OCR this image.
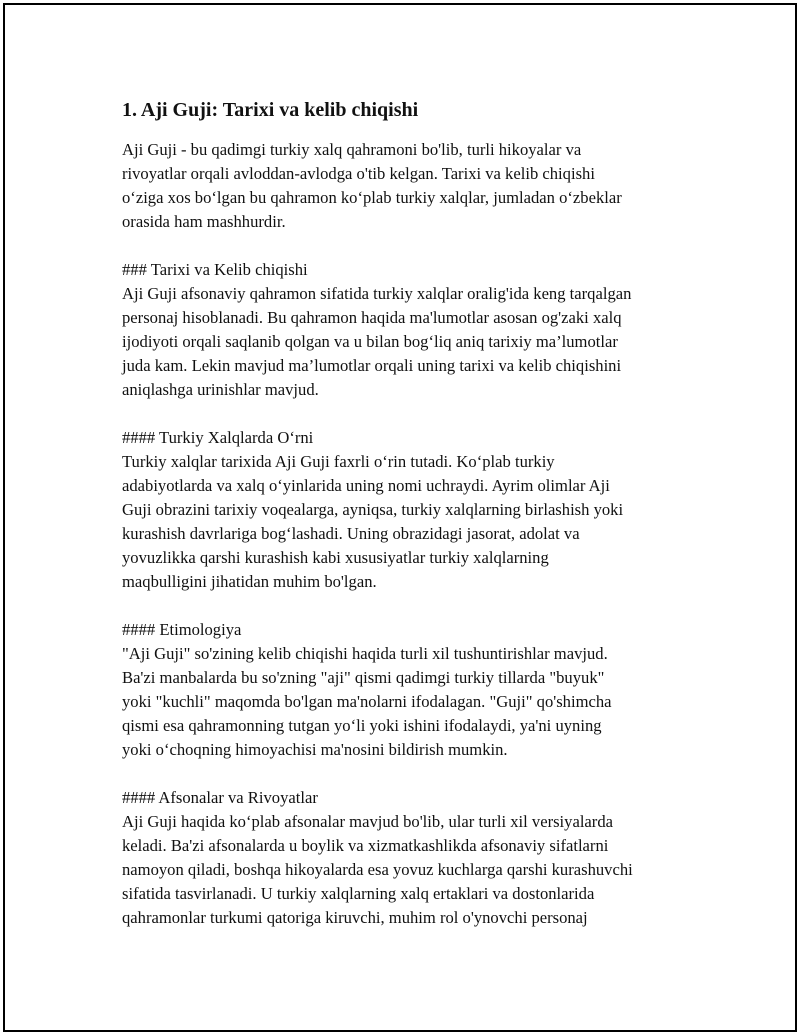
1. Aji Guji: Tarixi va kelib chiqishi
Aji Guji - bu qadimgi turkiy xalq qahramoni bo'lib, turli hikoyalar va
rivoyatlar orqali avloddan-avlodga o'tib kelgan. Tarixi va kelib chiqishi
o‘ziga xos bo‘lgan bu qahramon ko‘plab turkiy xalqlar, jumladan o‘zbeklar
orasida ham mashhurdir.
### Tarixi va Kelib chiqishi
Aji Guji afsonaviy qahramon sifatida turkiy xalqlar oralig'ida keng tarqalgan
personaj hisoblanadi. Bu qahramon haqida ma'lumotlar asosan og'zaki xalq
ijodiyoti orqali saqlanib qolgan va u bilan bog‘liq aniq tarixiy ma’lumotlar
juda kam. Lekin mavjud ma’lumotlar orqali uning tarixi va kelib chiqishini
aniqlashga urinishlar mavjud.
#### Turkiy Xalqlarda O‘rni
Turkiy xalqlar tarixida Aji Guji faxrli o‘rin tutadi. Ko‘plab turkiy
adabiyotlarda va xalq o‘yinlarida uning nomi uchraydi. Ayrim olimlar Aji
Guji obrazini tarixiy voqealarga, ayniqsa, turkiy xalqlarning birlashish yoki
kurashish davrlariga bog‘lashadi. Uning obrazidagi jasorat, adolat va
yovuzlikka qarshi kurashish kabi xususiyatlar turkiy xalqlarning
maqbulligini jihatidan muhim bo'lgan.
#### Etimologiya
"Aji Guji" so'zining kelib chiqishi haqida turli xil tushuntirishlar mavjud.
Ba'zi manbalarda bu so'zning "aji" qismi qadimgi turkiy tillarda "buyuk"
yoki "kuchli" maqomda bo'lgan ma'nolarni ifodalagan. "Guji" qo'shimcha
qismi esa qahramonning tutgan yo‘li yoki ishini ifodalaydi, ya'ni uyning
yoki o‘choqning himoyachisi ma'nosini bildirish mumkin.
#### Afsonalar va Rivoyatlar
Aji Guji haqida ko‘plab afsonalar mavjud bo'lib, ular turli xil versiyalarda
keladi. Ba'zi afsonalarda u boylik va xizmatkashlikda afsonaviy sifatlarni
namoyon qiladi, boshqa hikoyalarda esa yovuz kuchlarga qarshi kurashuvchi
sifatida tasvirlanadi. U turkiy xalqlarning xalq ertaklari va dostonlarida
qahramonlar turkumi qatoriga kiruvchi, muhim rol o'ynovchi personaj
